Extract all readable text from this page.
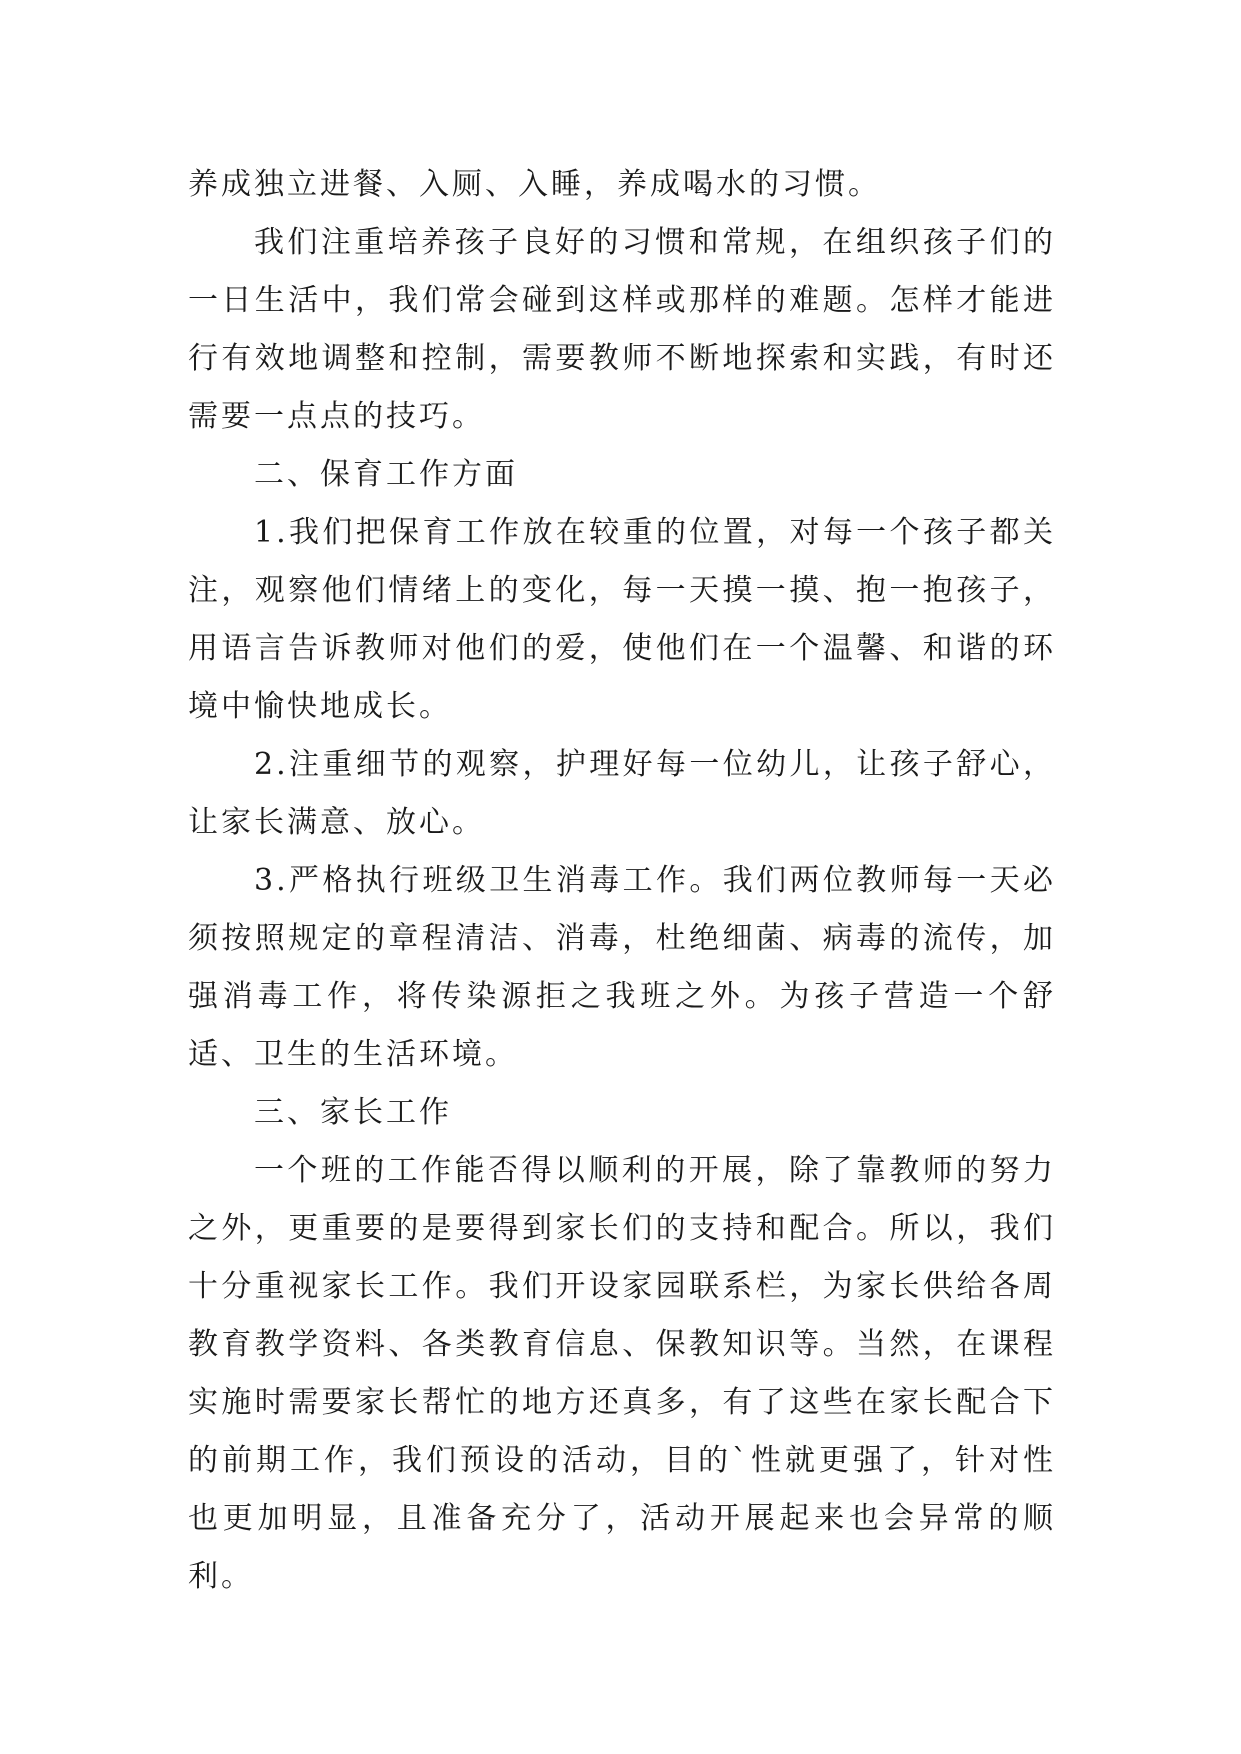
养成独立进餐、入厕、入睡，养成喝水的习惯。

我们注重培养孩子良好的习惯和常规，在组织孩子们的一日生活中，我们常会碰到这样或那样的难题。怎样才能进行有效地调整和控制，需要教师不断地探索和实践，有时还需要一点点的技巧。

二、保育工作方面

1.我们把保育工作放在较重的位置，对每一个孩子都关注，观察他们情绪上的变化，每一天摸一摸、抱一抱孩子，用语言告诉教师对他们的爱，使他们在一个温馨、和谐的环境中愉快地成长。

2.注重细节的观察，护理好每一位幼儿，让孩子舒心，让家长满意、放心。

3.严格执行班级卫生消毒工作。我们两位教师每一天必须按照规定的章程清洁、消毒，杜绝细菌、病毒的流传，加强消毒工作，将传染源拒之我班之外。为孩子营造一个舒适、卫生的生活环境。

三、家长工作

一个班的工作能否得以顺利的开展，除了靠教师的努力之外，更重要的是要得到家长们的支持和配合。所以，我们十分重视家长工作。我们开设家园联系栏，为家长供给各周教育教学资料、各类教育信息、保教知识等。当然，在课程实施时需要家长帮忙的地方还真多，有了这些在家长配合下的前期工作，我们预设的活动，目的`性就更强了，针对性也更加明显，且准备充分了，活动开展起来也会异常的顺利。
